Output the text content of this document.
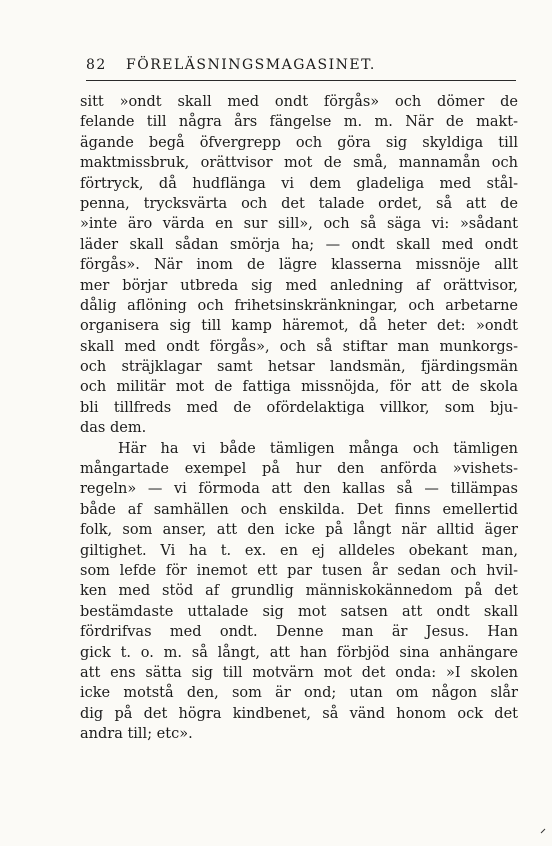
82 FÖRELÄSNINGSMAGASINET.
sitt »ondt skall med ondt förgås» och dömer de
felande till några års fängelse m. m. När de makt-
ägande begå öfvergrepp och göra sig skyldiga till
maktmissbruk, orättvisor mot de små, mannamån och
förtryck, då hudflänga vi dem gladeliga med stål-
penna, trycksvärta och det talade ordet, så att de
»inte äro värda en sur sill», och så säga vi: »sådant
läder skall sådan smörja ha; — ondt skall med ondt
förgås». När inom de lägre klasserna missnöje allt
mer börjar utbreda sig med anledning af orättvisor,
dålig aflöning och frihetsinskränkningar, och arbetarne
organisera sig till kamp häremot, då heter det: »ondt
skall med ondt förgås», och så stiftar man munkorgs-
och sträjklagar samt hetsar landsmän, fjärdingsmän
och militär mot de fattiga missnöjda, för att de skola
bli tillfreds med de ofördelaktiga villkor, som bju-
das dem.
Här ha vi både tämligen många och tämligen
mångartade exempel på hur den anförda »vishets-
regeln» — vi förmoda att den kallas så — tillämpas
både af samhällen och enskilda. Det finns emellertid
folk, som anser, att den icke på långt när alltid äger
giltighet. Vi ha t. ex. en ej alldeles obekant man,
som lefde för inemot ett par tusen år sedan och hvil-
ken med stöd af grundlig människokännedom på det
bestämdaste uttalade sig mot satsen att ondt skall
fördrifvas med ondt. Denne man är Jesus. Han
gick t. o. m. så långt, att han förbjöd sina anhängare
att ens sätta sig till motvärn mot det onda: »I skolen
icke motstå den, som är ond; utan om någon slår
dig på det högra kindbenet, så vänd honom ock det
andra till; etc».
